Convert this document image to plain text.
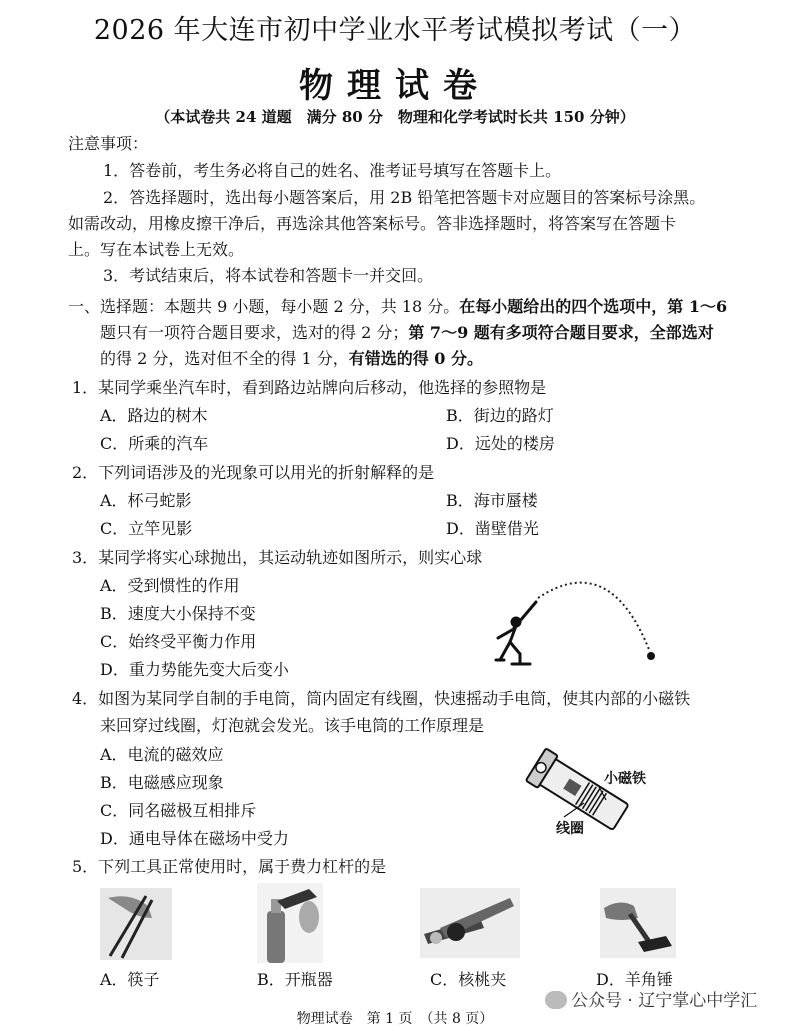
2026 年大连市初中学业水平考试模拟考试（一）
物理试卷
（本试卷共 24 道题　满分 80 分　物理和化学考试时长共 150 分钟）
注意事项：
1．答卷前，考生务必将自己的姓名、准考证号填写在答题卡上。
2．答选择题时，选出每小题答案后，用 2B 铅笔把答题卡对应题目的答案标号涂黑。
如需改动，用橡皮擦干净后，再选涂其他答案标号。答非选择题时，将答案写在答题卡
上。写在本试卷上无效。
3．考试结束后，将本试卷和答题卡一并交回。
一、选择题：本题共 9 小题，每小题 2 分，共 18 分。在每小题给出的四个选项中，第 1～6
题只有一项符合题目要求，选对的得 2 分；第 7～9 题有多项符合题目要求，全部选对
的得 2 分，选对但不全的得 1 分，有错选的得 0 分。
1．某同学乘坐汽车时，看到路边站牌向后移动，他选择的参照物是
A．路边的树木	B．街边的路灯
C．所乘的汽车	D．远处的楼房
2．下列词语涉及的光现象可以用光的折射解释的是
A．杯弓蛇影	B．海市蜃楼
C．立竿见影	D．凿壁借光
3．某同学将实心球抛出，其运动轨迹如图所示，则实心球
A．受到惯性的作用
B．速度大小保持不变
C．始终受平衡力作用
D．重力势能先变大后变小
4．如图为某同学自制的手电筒，筒内固定有线圈，快速摇动手电筒，使其内部的小磁铁
来回穿过线圈，灯泡就会发光。该手电筒的工作原理是
A．电流的磁效应
B．电磁感应现象
C．同名磁极互相排斥
D．通电导体在磁场中受力
小磁铁
线圈
5．下列工具正常使用时，属于费力杠杆的是
A．筷子	B．开瓶器	C．核桃夹	D．羊角锤
公众号 · 辽宁掌心中学汇
物理试卷　第 1 页　（共 8 页）
